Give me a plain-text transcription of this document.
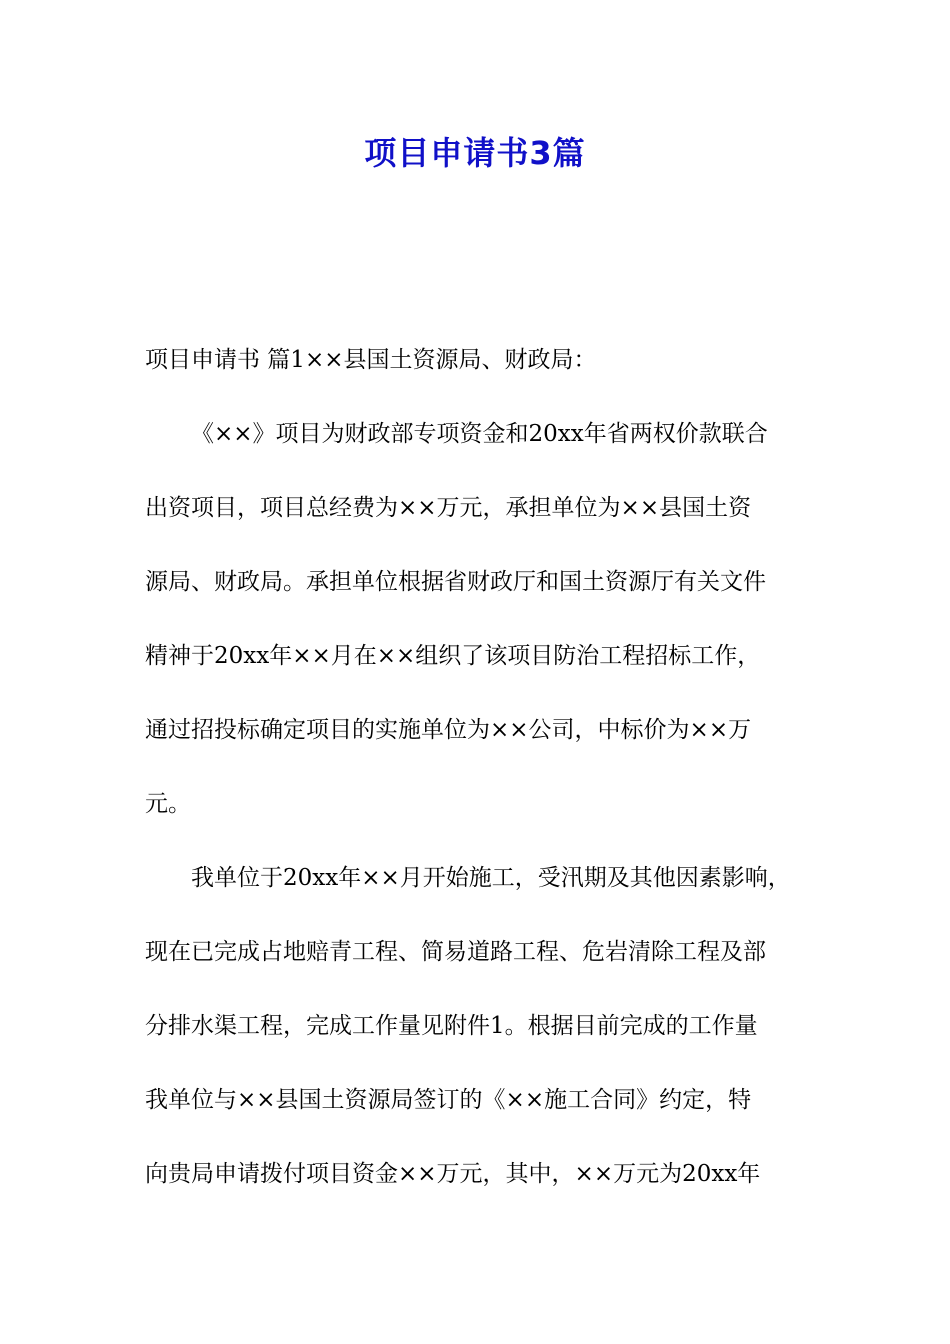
项目申请书3篇
项目申请书 篇1××县国土资源局、财政局：
《××》项目为财政部专项资金和20xx年省两权价款联合
出资项目，项目总经费为××万元，承担单位为××县国土资
源局、财政局。承担单位根据省财政厅和国土资源厅有关文件
精神于20xx年××月在××组织了该项目防治工程招标工作，
通过招投标确定项目的实施单位为××公司，中标价为××万
元。
我单位于20xx年××月开始施工，受汛期及其他因素影响，
现在已完成占地赔青工程、简易道路工程、危岩清除工程及部
分排水渠工程，完成工作量见附件1。根据目前完成的工作量
我单位与××县国土资源局签订的《××施工合同》约定，特
向贵局申请拨付项目资金××万元，其中，××万元为20xx年
